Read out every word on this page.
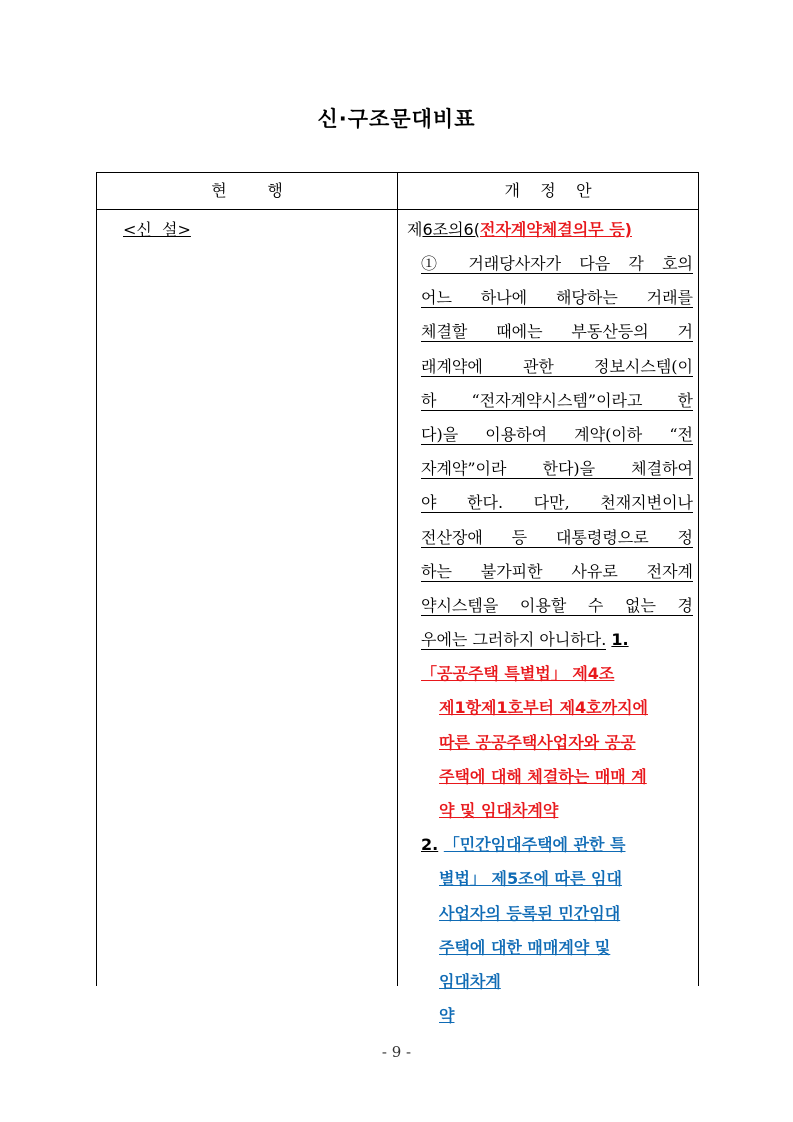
신·구조문대비표
현        행	개    정    안
<신  설>	제6조의6(전자계약체결의무 등)
① 거래당사자가 다음 각 호의
어느 하나에 해당하는 거래를
체결할 때에는 부동산등의 거
래계약에 관한 정보시스템(이
하 “전자계약시스템”이라고 한
다)을 이용하여 계약(이하 “전
자계약”이라 한다)을 체결하여
야 한다. 다만, 천재지변이나
전산장애 등 대통령령으로 정
하는 불가피한 사유로 전자계
약시스템을 이용할 수 없는 경
우에는 그러하지 아니하다. 1.
「공공주택 특별법」 제4조
제1항제1호부터 제4호까지에
따른 공공주택사업자와 공공
주택에 대해 체결하는 매매 계
약 및 임대차계약
2. 「민간임대주택에 관한 특
별법」 제5조에 따른 임대
사업자의 등록된 민간임대
주택에 대한 매매계약 및
임대차계
약
- 9 -
